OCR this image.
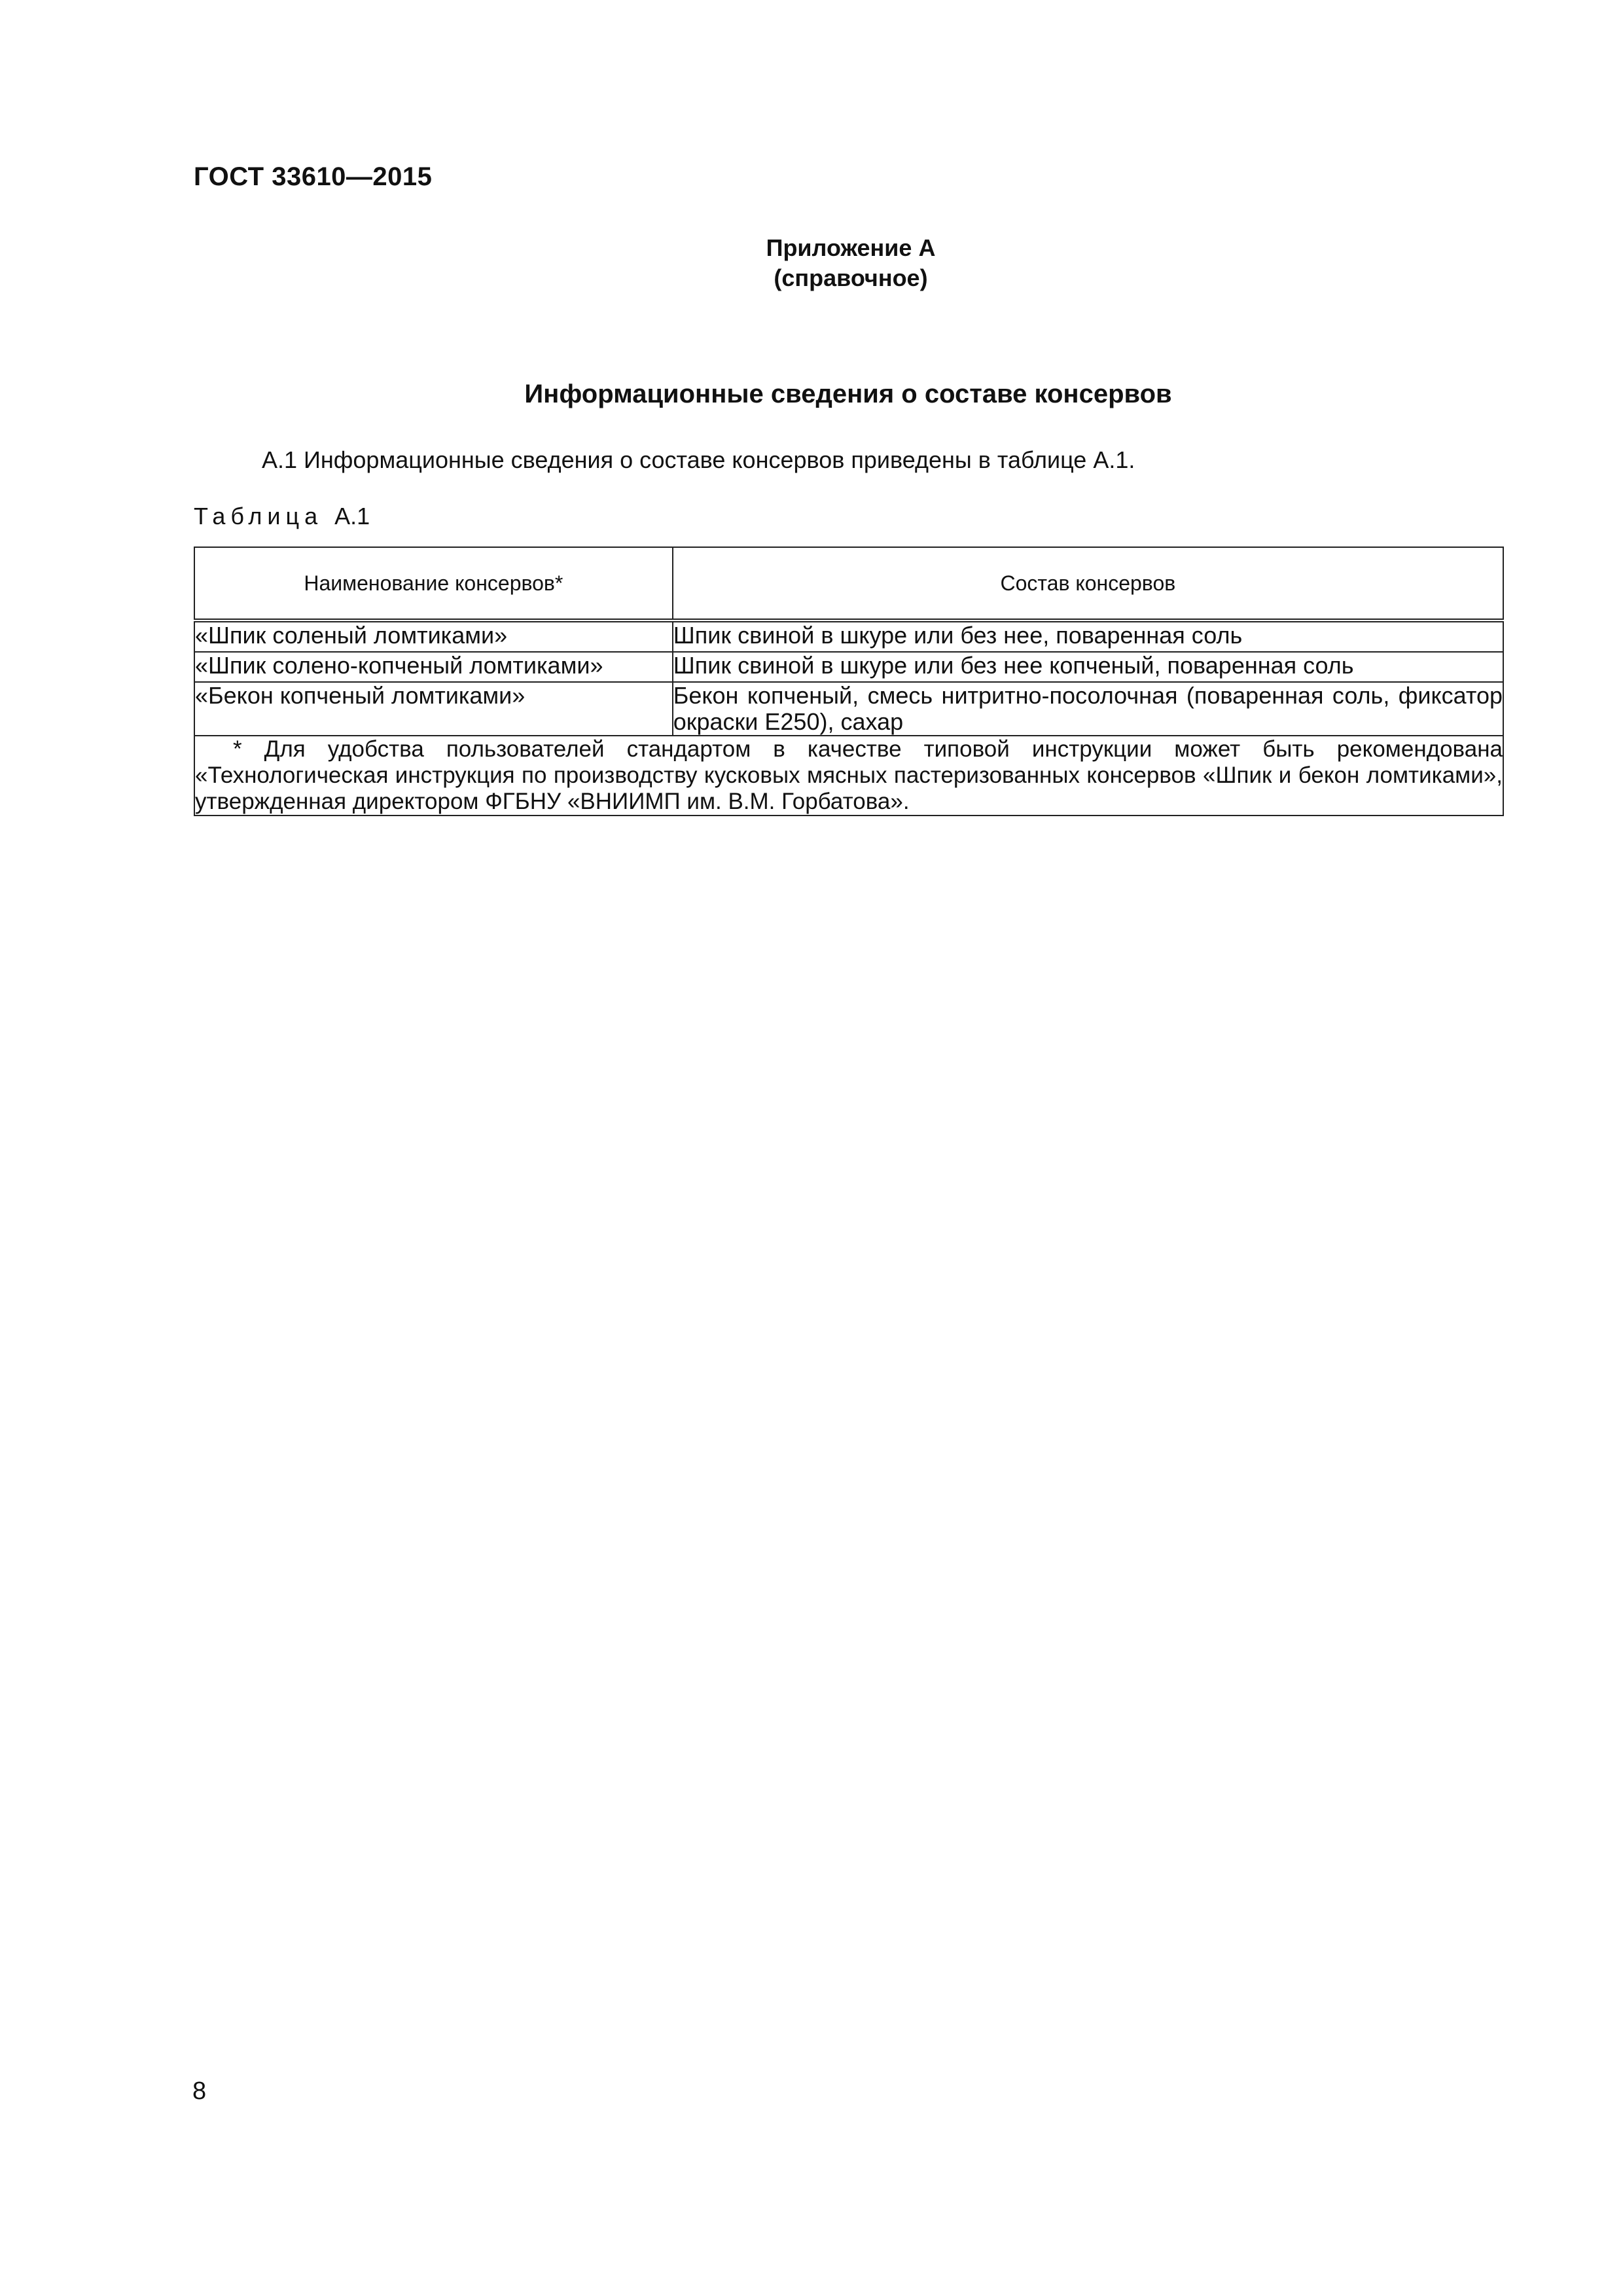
ГОСТ 33610—2015
Приложение А
(справочное)
Информационные сведения о составе консервов
А.1 Информационные сведения о составе консервов приведены в таблице А.1.
Таблица А.1
Наименование консервов*	Состав консервов
«Шпик соленый ломтиками»	Шпик свиной в шкуре или без нее, поваренная соль
«Шпик солено-копченый ломтиками»	Шпик свиной в шкуре или без нее копченый, поваренная соль
«Бекон копченый ломтиками»	Бекон копченый, смесь нитритно-посолочная (поваренная соль, фиксатор окраски Е250), сахар
* Для удобства пользователей стандартом в качестве типовой инструкции может быть рекомендована «Технологическая инструкция по производству кусковых мясных пастеризованных консервов «Шпик и бекон ломтиками», утвержденная директором ФГБНУ «ВНИИМП им. В.М. Горбатова».	
8
